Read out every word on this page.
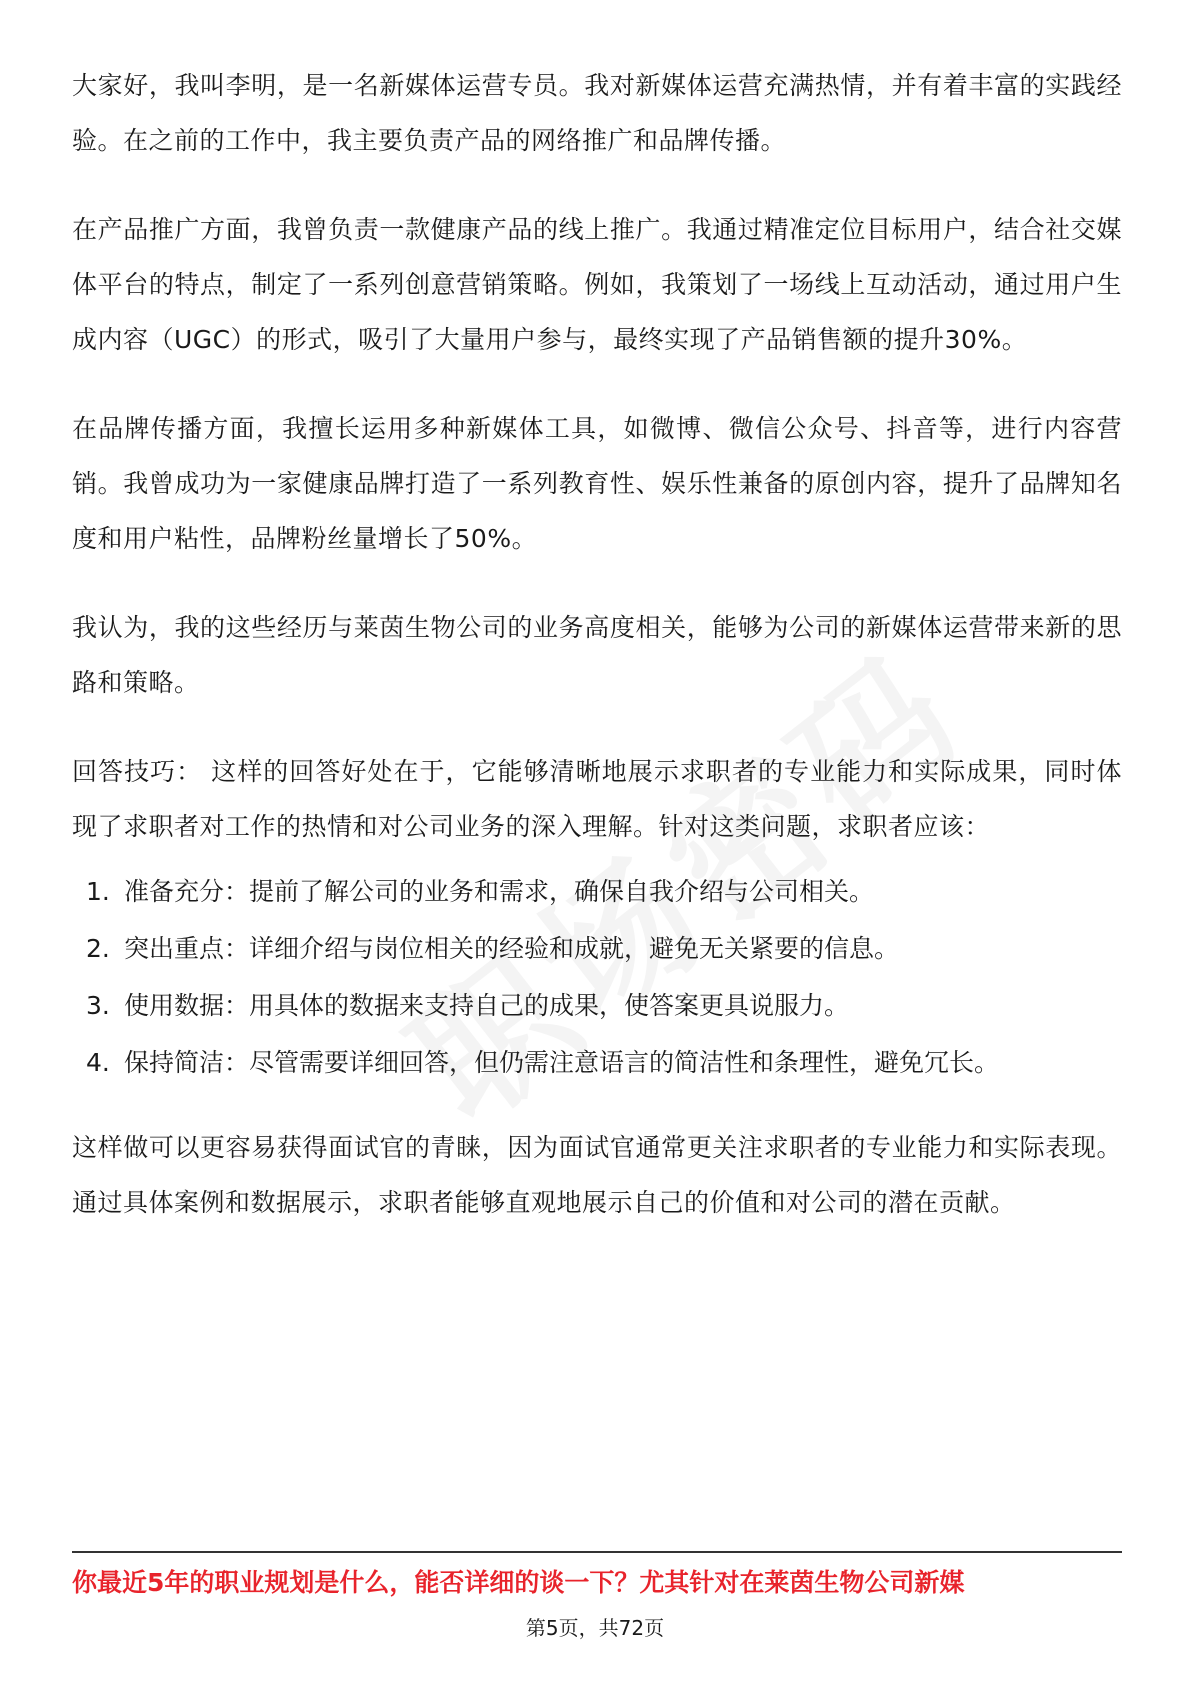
大家好，我叫李明，是一名新媒体运营专员。我对新媒体运营充满热情，并有着丰富的实践经验。在之前的工作中，我主要负责产品的网络推广和品牌传播。

在产品推广方面，我曾负责一款健康产品的线上推广。我通过精准定位目标用户，结合社交媒体平台的特点，制定了一系列创意营销策略。例如，我策划了一场线上互动活动，通过用户生成内容（UGC）的形式，吸引了大量用户参与，最终实现了产品销售额的提升30%。

在品牌传播方面，我擅长运用多种新媒体工具，如微博、微信公众号、抖音等，进行内容营销。我曾成功为一家健康品牌打造了一系列教育性、娱乐性兼备的原创内容，提升了品牌知名度和用户粘性，品牌粉丝量增长了50%。

我认为，我的这些经历与莱茵生物公司的业务高度相关，能够为公司的新媒体运营带来新的思路和策略。

回答技巧： 这样的回答好处在于，它能够清晰地展示求职者的专业能力和实际成果，同时体现了求职者对工作的热情和对公司业务的深入理解。针对这类问题，求职者应该：

1. 准备充分：提前了解公司的业务和需求，确保自我介绍与公司相关。
2. 突出重点：详细介绍与岗位相关的经验和成就，避免无关紧要的信息。
3. 使用数据：用具体的数据来支持自己的成果，使答案更具说服力。
4. 保持简洁：尽管需要详细回答，但仍需注意语言的简洁性和条理性，避免冗长。

这样做可以更容易获得面试官的青睐，因为面试官通常更关注求职者的专业能力和实际表现。通过具体案例和数据展示，求职者能够直观地展示自己的价值和对公司的潜在贡献。

你最近5年的职业规划是什么，能否详细的谈一下？尤其针对在莱茵生物公司新媒
第5页，共72页
